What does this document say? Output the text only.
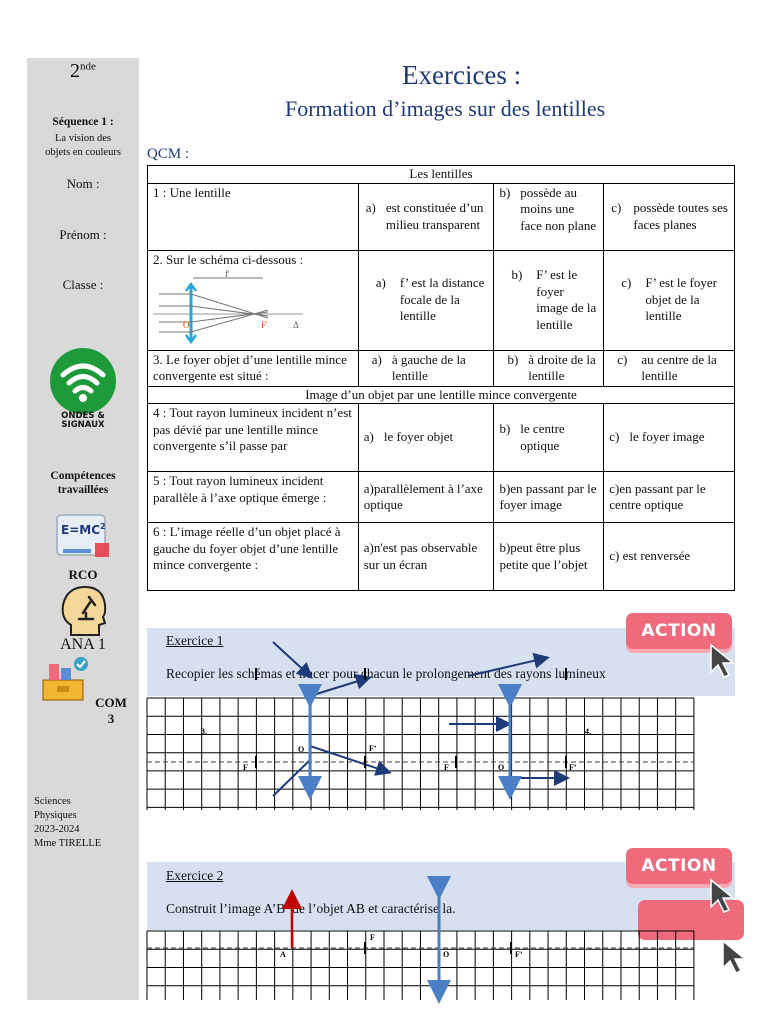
2nde
Séquence 1 :
La vision des
objets en couleurs
Nom :
Prénom :
Classe :
ONDES &
SIGNAUX
Compétences
travaillées
$E=MC^2$
RCO
ANA 1
COM
3
Sciences
Physiques
2023-2024
Mme TIRELLE
Exercices :
Formation d’images sur des lentilles
QCM :
Les lentilles			
1 : Une lentille	a) est constituée d’un milieu transparent	b) possède au moins une face non plane	c) possède toutes ses faces planes

2. Sur le schéma ci-dessous :
f'
O F' Δ	a) f’ est la distance focale de la lentille	b) F’ est le foyer image de la lentille	c) F’ est le foyer objet de la lentille

3. Le foyer objet d’une lentille mince convergente est situé :	a) à gauche de la lentille	b) à droite de la lentille	c) au centre de la lentille

Image d’un objet par une lentille mince convergente			
4 : Tout rayon lumineux incident n’est pas dévié par une lentille mince convergente s’il passe par	a) le foyer objet	b) le centre optique	c) le foyer image

5 : Tout rayon lumineux incident parallèle à l’axe optique émerge :	a)parallèlement à l’axe optique	b)en passant par le foyer image	c)en passant par le centre optique
6 : L’image réelle d’un objet placé à gauche du foyer objet d’une lentille mince convergente :	a)n'est pas observable sur un écran	b)peut être plus petite que l’objet	c) est renversée
Exercice 1
Recopier les schémas et tracer pour chacun le prolongement des rayons lumineux
ACTION
3.	4.
F
O	F’
F	O	F’
Exercice 2
Construit l’image A’B’ de l’objet AB et caractérise la.
ACTION
A
F
O	F’
